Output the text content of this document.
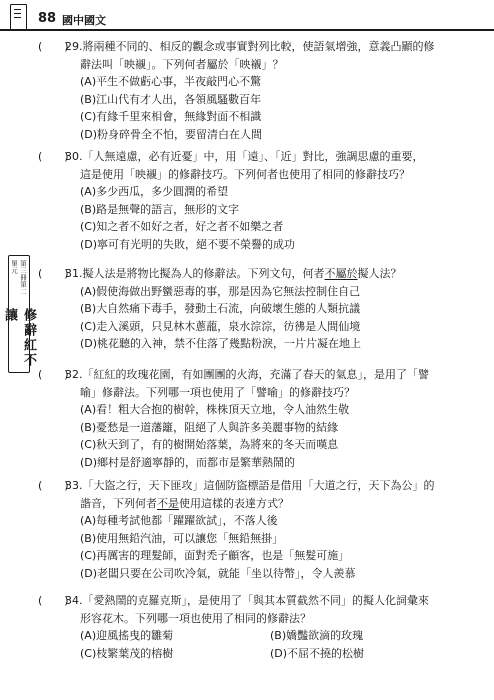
88 國中國文
第三冊第二單元
修辭紅不讓
(　　)
29. 將兩種不同的、相反的觀念或事實對列比較，使語氣增強，意義凸顯的修
辭法叫「映襯」。下列何者屬於「映襯」？
(A)平生不做虧心事，半夜敲門心不驚
(B)江山代有才人出，各領風騷數百年
(C)有緣千里來相會，無緣對面不相識
(D)粉身碎骨全不怕，要留清白在人間
(　　)
30. 「人無遠慮，必有近憂」中，用「遠」、「近」對比，強調思慮的重要，
這是使用「映襯」的修辭技巧。下列何者也使用了相同的修辭技巧？
(A)多少西瓜，多少圓潤的希望
(B)路是無聲的語言，無形的文字
(C)知之者不如好之者，好之者不如樂之者
(D)寧可有光明的失敗，絕不要不榮譽的成功
(　　)
31. 擬人法是將物比擬為人的修辭法。下列文句，何者不屬於擬人法？
(A)假使海做出野蠻惡毒的事，那是因為它無法控制住自己
(B)大自然痛下毒手，發動土石流，向破壞生態的人類抗議
(C)走入溪頭，只見林木蔥蘢，泉水淙淙，彷彿是人間仙境
(D)桃花聽的入神，禁不住落了幾點粉淚，一片片凝在地上
(　　)
32. 「紅紅的玫瑰花園，有如團團的火海，充滿了春天的氣息」，是用了「譬
喻」修辭法。下列哪一項也使用了「譬喻」的修辭技巧？
(A)看！粗大合抱的樹幹，株株頂天立地，令人油然生敬
(B)憂愁是一道藩籬，阻絕了人與許多美麗事物的結緣
(C)秋天到了，有的樹開始落葉，為將來的冬天而嘆息
(D)鄉村是舒適寧靜的，而都市是繁華熱鬧的
(　　)
33. 「大盜之行，天下匪攻」這個防盜標語是借用「大道之行，天下為公」的
諧音，下列何者不是使用這樣的表達方式？
(A)每種考試他都「躍躍欲試」，不落人後
(B)使用無鉛汽油，可以讓您「無鉛無掛」
(C)再厲害的理髮師，面對禿子顧客，也是「無髮可施」
(D)老闆只要在公司吹冷氣，就能「坐以待幣」，令人羨慕
(　　)
34. 「愛熱鬧的克羅克斯」，是使用了「與其本質截然不同」的擬人化詞彙來
形容花木。下列哪一項也使用了相同的修辭法？
(A)迎風搖曳的雛菊	(B)嬌豔欲滴的玫瑰
(C)枝繁葉茂的榕樹	(D)不屈不撓的松樹
